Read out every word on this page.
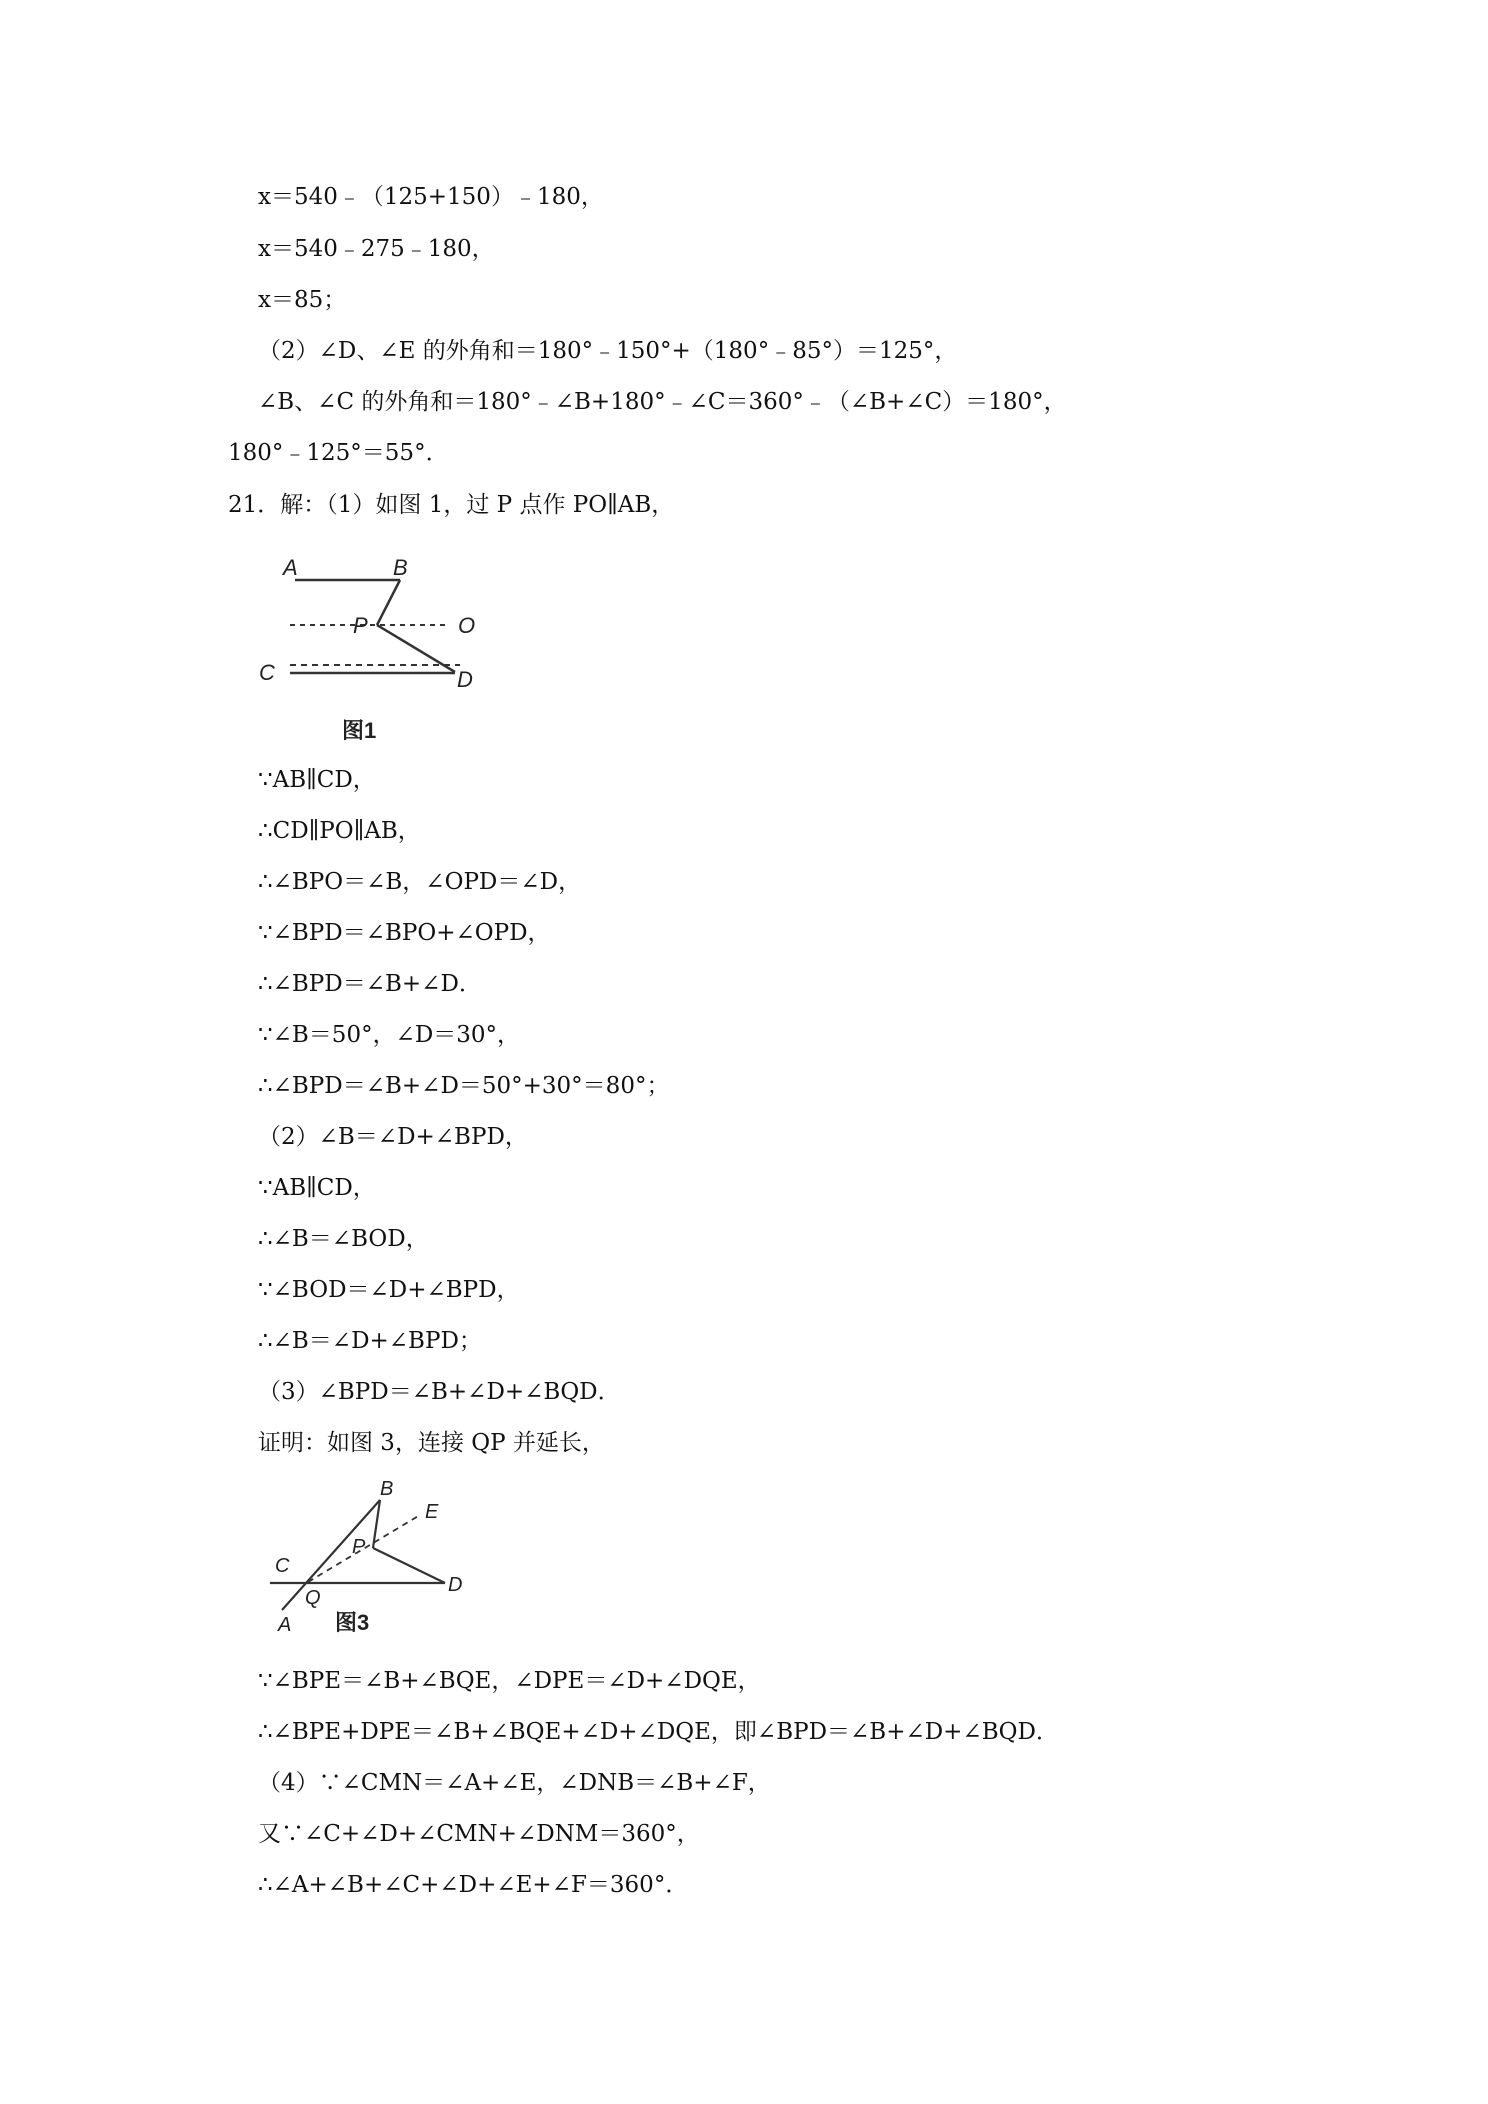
x＝540﹣（125+150）﹣180，
x＝540﹣275﹣180，
x＝85；
（2）∠D、∠E 的外角和＝180°﹣150°+（180°﹣85°）＝125°，
∠B、∠C 的外角和＝180°﹣∠B+180°﹣∠C＝360°﹣（∠B+∠C）＝180°，
180°﹣125°＝55°．
21．解：（1）如图 1，过 P 点作 PO∥AB，
A	B
P	O
C	D
图1
∵AB∥CD，
∴CD∥PO∥AB，
∴∠BPO＝∠B，∠OPD＝∠D，
∵∠BPD＝∠BPO+∠OPD，
∴∠BPD＝∠B+∠D．
∵∠B＝50°，∠D＝30°，
∴∠BPD＝∠B+∠D＝50°+30°＝80°；
（2）∠B＝∠D+∠BPD，
∵AB∥CD，
∴∠B＝∠BOD，
∵∠BOD＝∠D+∠BPD，
∴∠B＝∠D+∠BPD；
（3）∠BPD＝∠B+∠D+∠BQD．
证明：如图 3，连接 QP 并延长，
B
E
P
C
Q
D
A 图3
∵∠BPE＝∠B+∠BQE，∠DPE＝∠D+∠DQE，
∴∠BPE+DPE＝∠B+∠BQE+∠D+∠DQE，即∠BPD＝∠B+∠D+∠BQD．
（4）∵∠CMN＝∠A+∠E，∠DNB＝∠B+∠F，
又∵∠C+∠D+∠CMN+∠DNM＝360°，
∴∠A+∠B+∠C+∠D+∠E+∠F＝360°．
